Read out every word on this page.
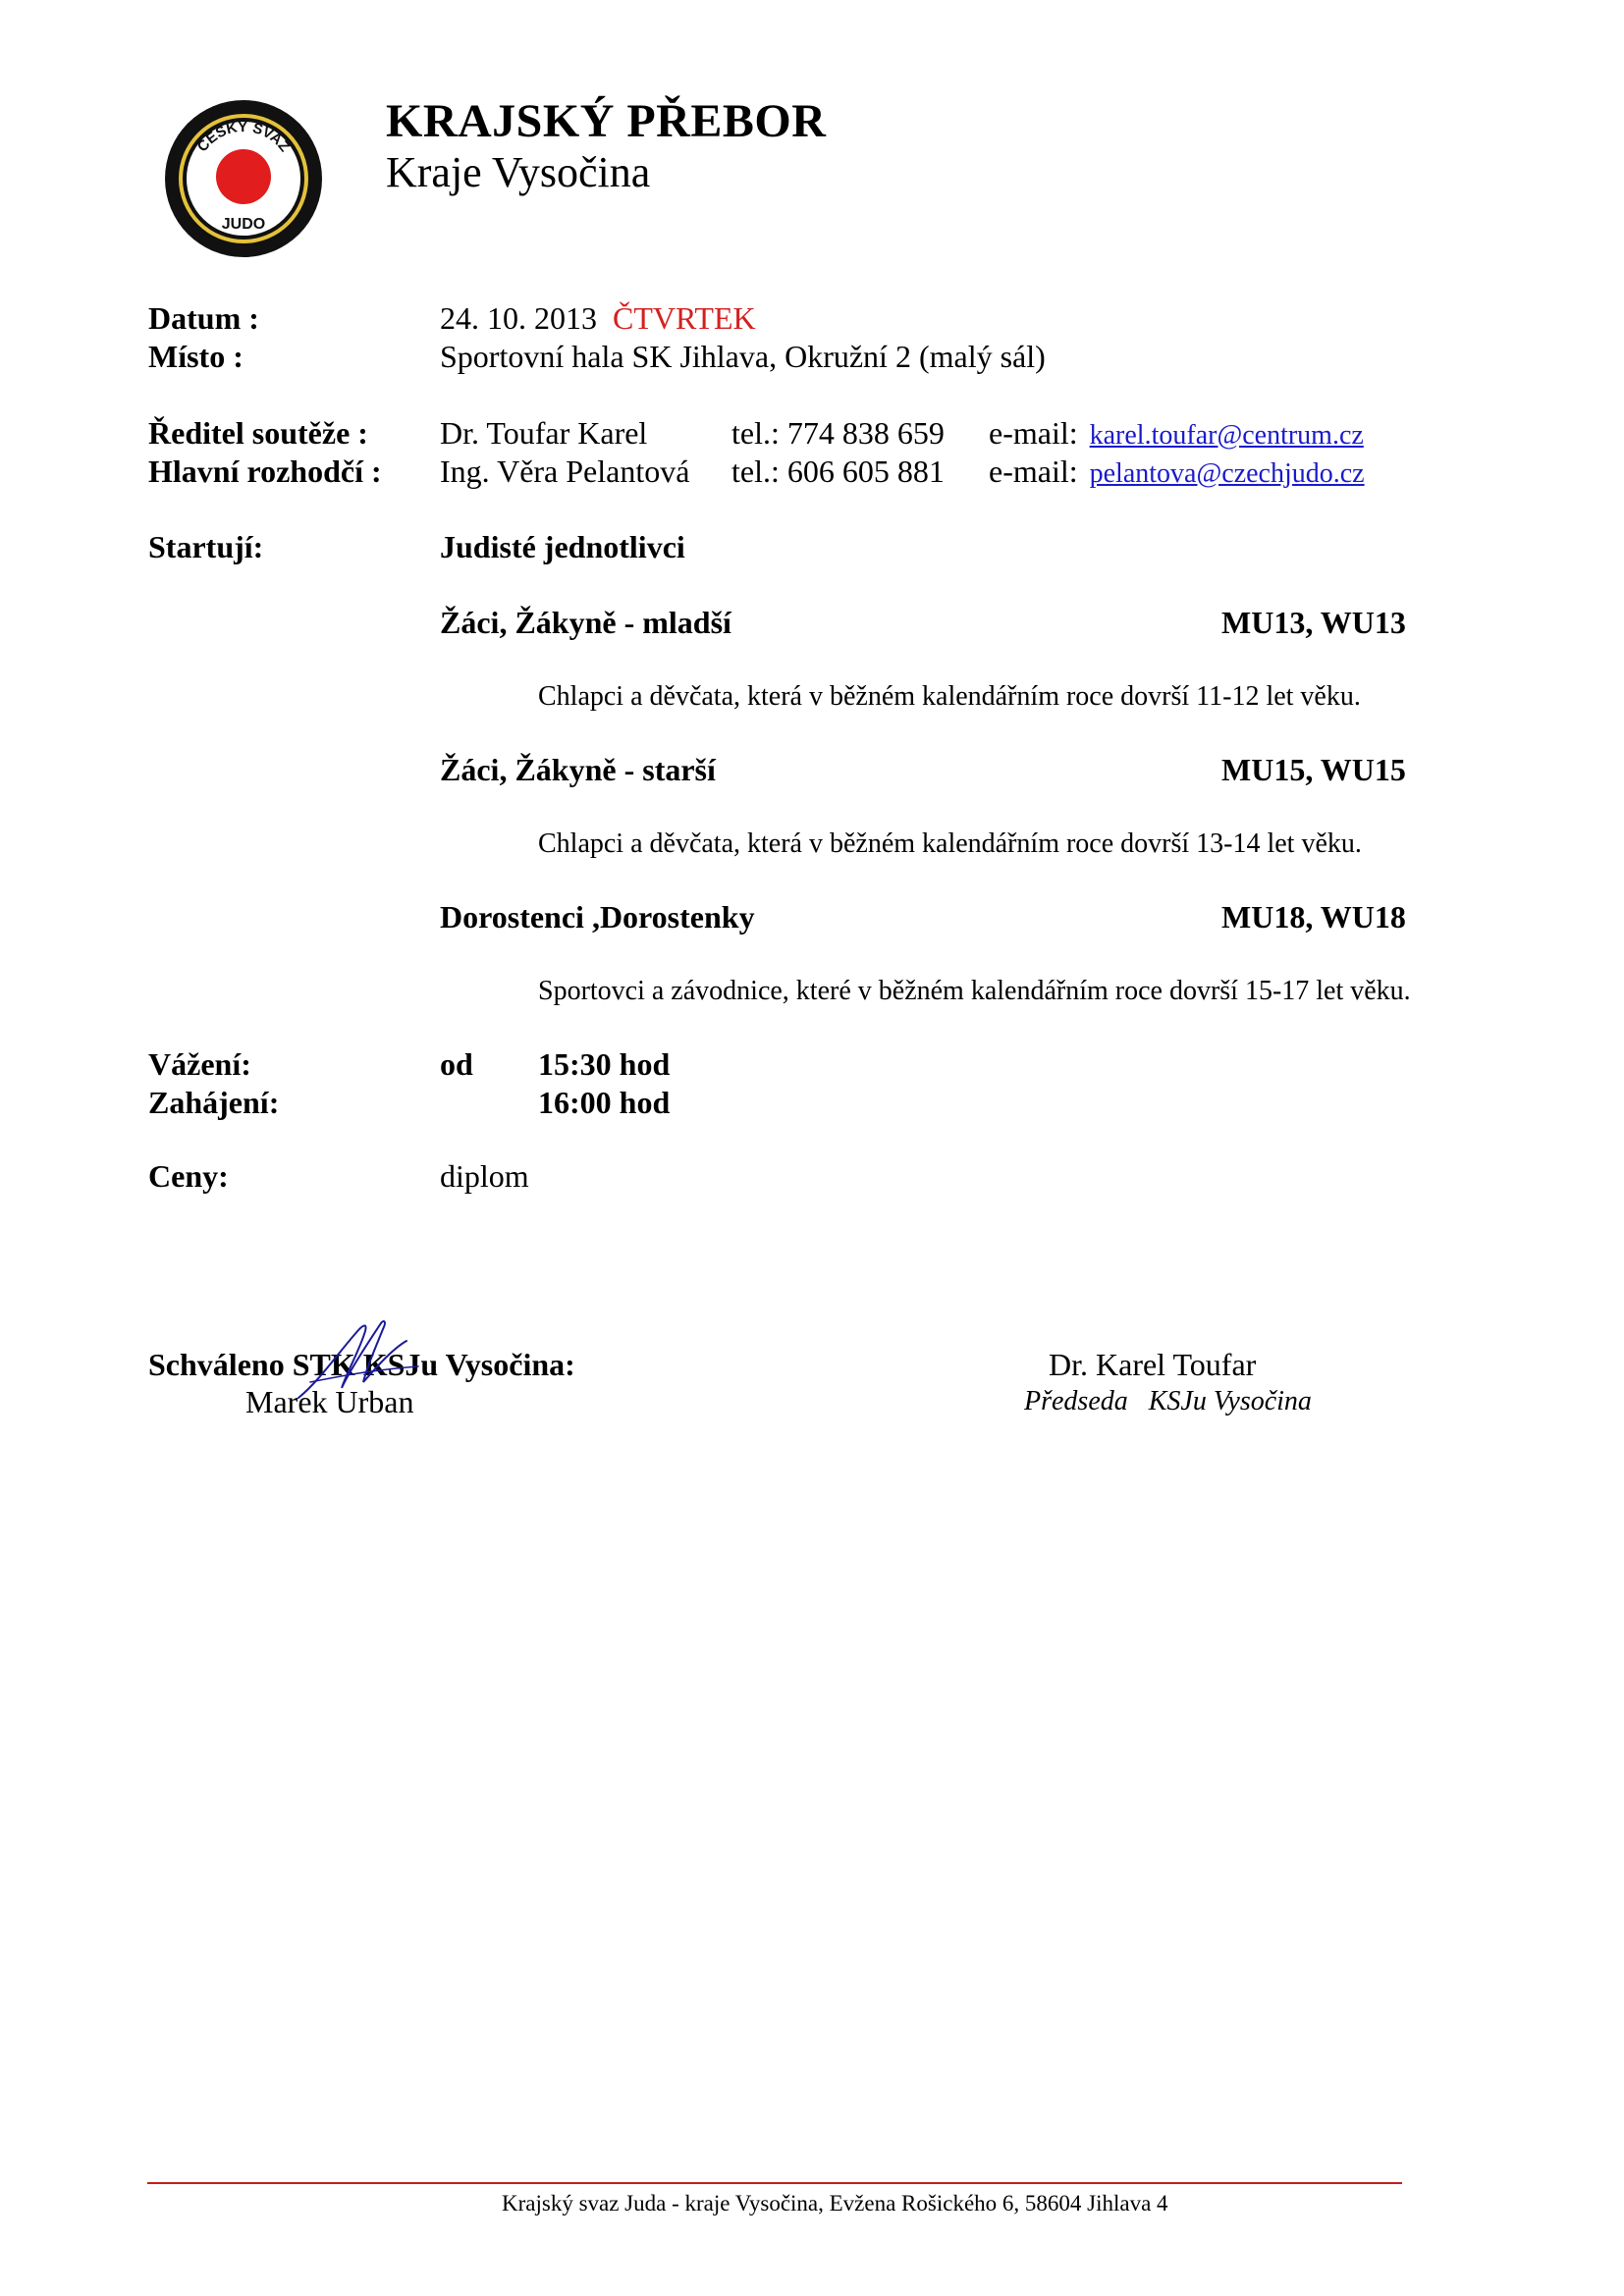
ČESKÝ SVAZ
JUDO
KRAJSKÝ PŘEBOR
Kraje Vysočina
Datum :	24. 10. 2013 ČTVRTEK
Místo :	Sportovní hala SK Jihlava, Okružní 2 (malý sál)
Ředitel soutěže : Dr. Toufar Karel	tel.: 774 838 659 e-mail: karel.toufar@centrum.cz
Hlavní rozhodčí : Ing. Věra Pelantová tel.: 606 605 881 e-mail: pelantova@czechjudo.cz
Startují:	Judisté jednotlivci
Žáci, Žákyně - mladší	MU13, WU13
Chlapci a děvčata, která v běžném kalendářním roce dovrší 11-12 let věku.
Žáci, Žákyně - starší	MU15, WU15
Chlapci a děvčata, která v běžném kalendářním roce dovrší 13-14 let věku.
Dorostenci ,Dorostenky	MU18, WU18
Sportovci a závodnice, které v běžném kalendářním roce dovrší 15-17 let věku.
Vážení:	od 15:30 hod
Zahájení:	16:00 hod
Ceny:	diplom
Schváleno STK KSJu Vysočina:
Marek Urban
Dr. Karel Toufar
Předseda   KSJu Vysočina
Krajský svaz Juda - kraje Vysočina, Evžena Rošického 6, 58604 Jihlava 4
